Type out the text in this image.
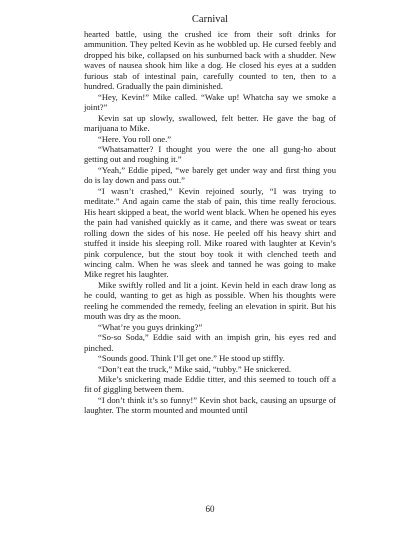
Carnival

hearted battle, using the crushed ice from their soft drinks for ammunition. They pelted Kevin as he wobbled up. He cursed feebly and dropped his bike, collapsed on his sunburned back with a shudder. New waves of nausea shook him like a dog. He closed his eyes at a sudden furious stab of intestinal pain, carefully counted to ten, then to a hundred. Gradually the pain diminished.

“Hey, Kevin!” Mike called. “Wake up! Whatcha say we smoke a joint?”

Kevin sat up slowly, swallowed, felt better. He gave the bag of marijuana to Mike.

“Here. You roll one.”

“Whatsamatter? I thought you were the one all gung-ho about getting out and roughing it.”

“Yeah,” Eddie piped, “we barely get under way and first thing you do is lay down and pass out.”

“I wasn’t crashed,” Kevin rejoined sourly, “I was trying to meditate.” And again came the stab of pain, this time really ferocious. His heart skipped a beat, the world went black. When he opened his eyes the pain had vanished quickly as it came, and there was sweat or tears rolling down the sides of his nose. He peeled off his heavy shirt and stuffed it inside his sleeping roll. Mike roared with laughter at Kevin’s pink corpulence, but the stout boy took it with clenched teeth and wincing calm. When he was sleek and tanned he was going to make Mike regret his laughter.

Mike swiftly rolled and lit a joint. Kevin held in each draw long as he could, wanting to get as high as possible. When his thoughts were reeling he commended the remedy, feeling an elevation in spirit. But his mouth was dry as the moon.

“What’re you guys drinking?”

“So-so Soda,” Eddie said with an impish grin, his eyes red and pinched.

“Sounds good. Think I’ll get one.” He stood up stiffly.

“Don’t eat the truck,” Mike said, “tubby.” He snickered.

Mike’s snickering made Eddie titter, and this seemed to touch off a fit of giggling between them.

“I don’t think it’s so funny!” Kevin shot back, causing an upsurge of laughter. The storm mounted and mounted until

60
